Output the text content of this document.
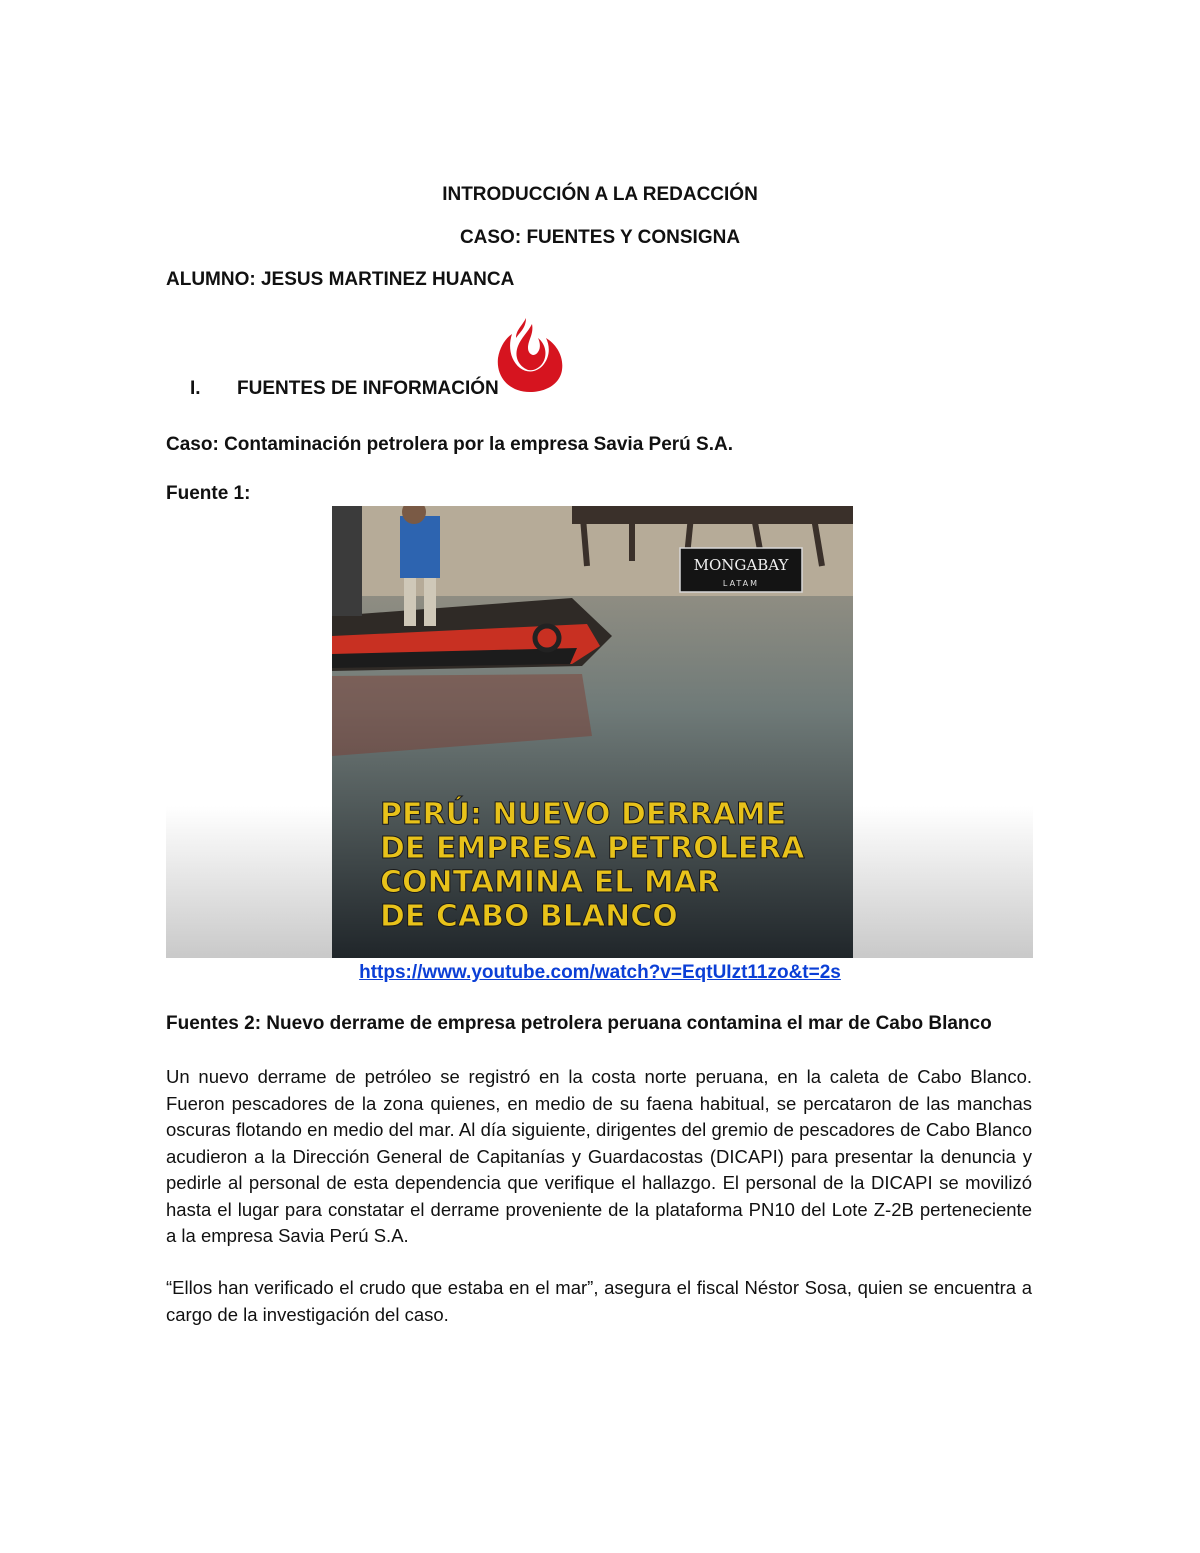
INTRODUCCIÓN A LA REDACCIÓN
CASO: FUENTES Y CONSIGNA
ALUMNO: JESUS MARTINEZ HUANCA
I. FUENTES DE INFORMACIÓN
Caso: Contaminación petrolera por la empresa Savia Perú S.A.
Fuente 1:
MONGABAY
LATAM
PERÚ: NUEVO DERRAME
DE EMPRESA PETROLERA
CONTAMINA EL MAR
DE CABO BLANCO
https://www.youtube.com/watch?v=EqtUIzt11zo&t=2s
Fuentes 2: Nuevo derrame de empresa petrolera peruana contamina el mar de Cabo Blanco
Un nuevo derrame de petróleo se registró en la costa norte peruana, en la caleta de Cabo Blanco. Fueron pescadores de la zona quienes, en medio de su faena habitual, se percataron de las manchas oscuras flotando en medio del mar. Al día siguiente, dirigentes del gremio de pescadores de Cabo Blanco acudieron a la Dirección General de Capitanías y Guardacostas (DICAPI) para presentar la denuncia y pedirle al personal de esta dependencia que verifique el hallazgo. El personal de la DICAPI se movilizó hasta el lugar para constatar el derrame proveniente de la plataforma PN10 del Lote Z-2B perteneciente a la empresa Savia Perú S.A.
“Ellos han verificado el crudo que estaba en el mar”, asegura el fiscal Néstor Sosa, quien se encuentra a cargo de la investigación del caso.
